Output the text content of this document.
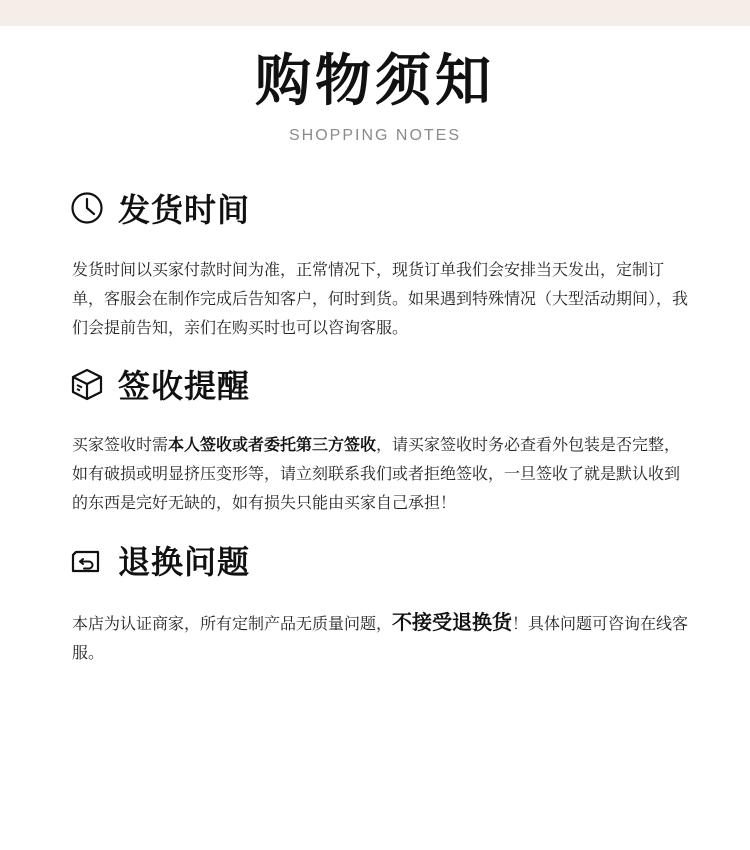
购物须知
SHOPPING NOTES
发货时间
发货时间以买家付款时间为准，正常情况下，现货订单我们会安排当天发出，定制订单，客服会在制作完成后告知客户，何时到货。如果遇到特殊情况（大型活动期间），我们会提前告知，亲们在购买时也可以咨询客服。
签收提醒
买家签收时需本人签收或者委托第三方签收，请买家签收时务必查看外包装是否完整，如有破损或明显挤压变形等，请立刻联系我们或者拒绝签收，一旦签收了就是默认收到的东西是完好无缺的，如有损失只能由买家自己承担！
退换问题
本店为认证商家，所有定制产品无质量问题，不接受退换货！具体问题可咨询在线客服。
